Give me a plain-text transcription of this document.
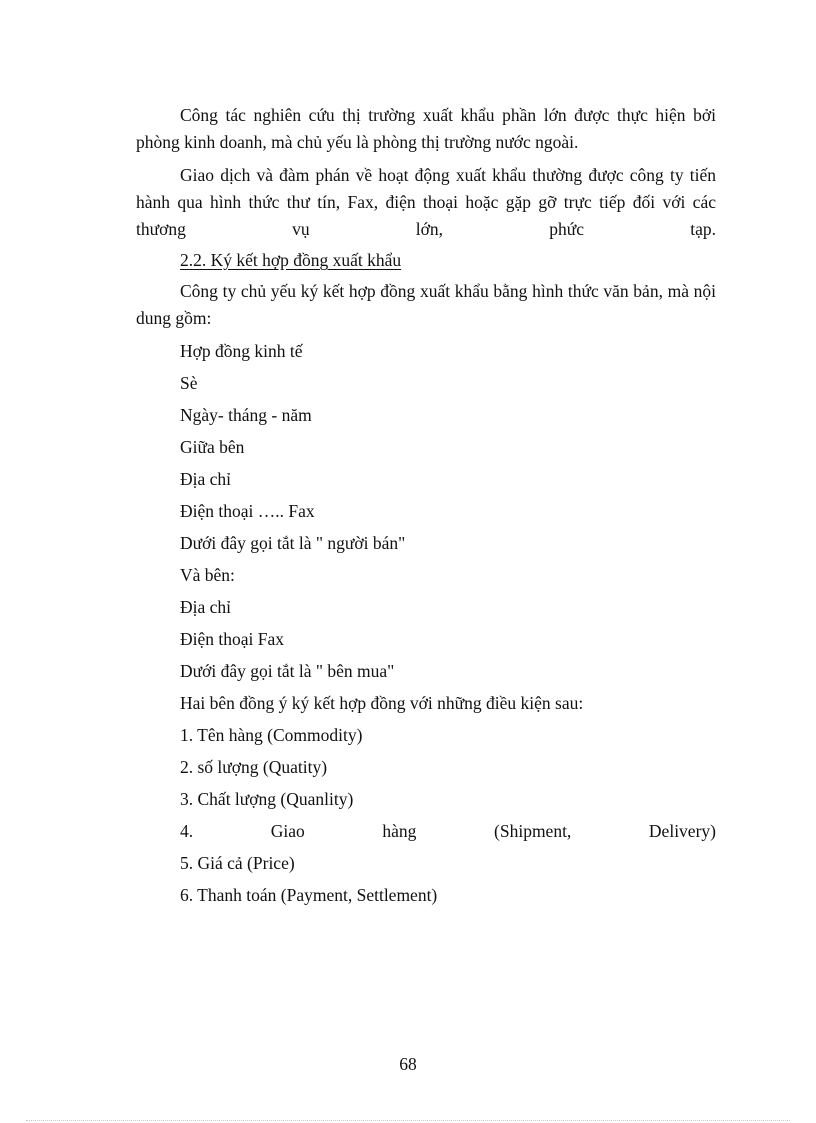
Công tác nghiên cứu thị trường xuất khẩu phần lớn được thực hiện bởi phòng kinh doanh, mà chủ yếu là phòng thị trường nước ngoài.

Giao dịch và đàm phán về hoạt động xuất khẩu thường được công ty tiến hành qua hình thức thư tín, Fax, điện thoại hoặc gặp gỡ trực tiếp đối với các thương vụ lớn, phức tạp.

2.2. Ký kết hợp đồng xuất khẩu

Công ty chủ yếu ký kết hợp đồng xuất khẩu bằng hình thức văn bản, mà nội dung gồm:

Hợp đồng kinh tế
Sè
Ngày- tháng - năm
Giữa bên
Địa chỉ
Điện thoại ….. Fax
Dưới đây gọi tắt là " người bán"
Và bên:
Địa chỉ
Điện thoại Fax
Dưới đây gọi tắt là " bên mua"
Hai bên đồng ý ký kết hợp đồng với những điều kiện sau:
1. Tên hàng (Commodity)
2. số lượng (Quatity)
3. Chất lượng (Quanlity)
4.	Giao	hàng	(Shipment,	Delivery)
5. Giá cả (Price)
6. Thanh toán (Payment, Settlement)
68
